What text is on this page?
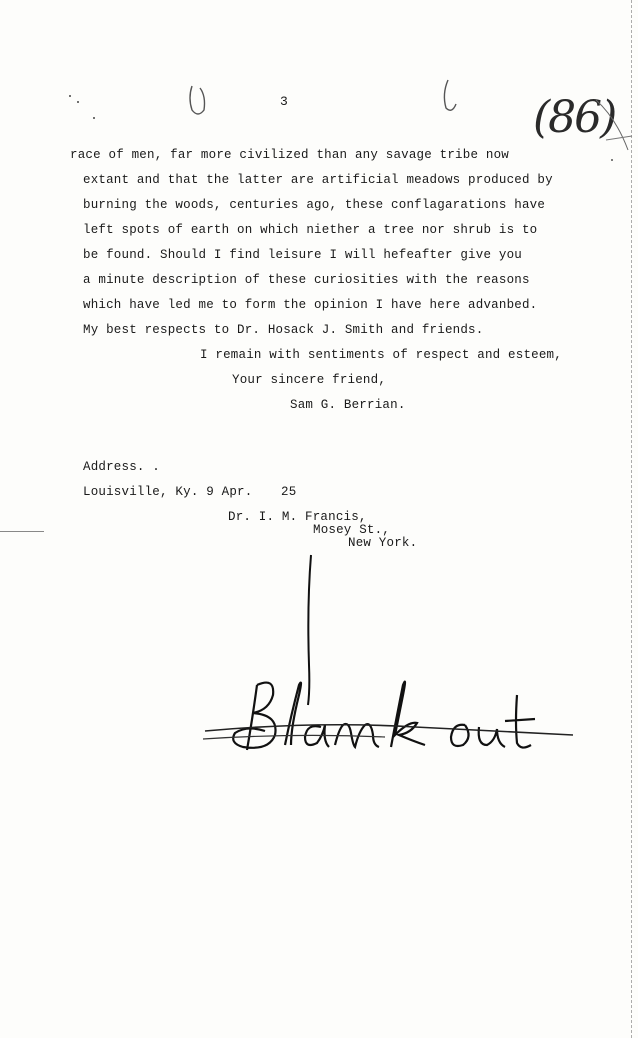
3	(86)
race of men, far more civilized than any savage tribe now
extant and that the latter are artificial meadows produced by
burning the woods, centuries ago, these conflagarations have
left spots of earth on which niether a tree nor shrub is to
be found. Should I find leisure I will hefeafter give you
a minute description of these curiosities with the reasons
which have led me to form the opinion I have here advanbed.
My best respects to Dr. Hosack J. Smith and friends.
I remain with sentiments of respect and esteem,
Your sincere friend,
Sam G. Berrian.
Address. .
Louisville, Ky. 9 Apr. 25
Dr. I. M. Francis,
Mosey St.,
New York.
